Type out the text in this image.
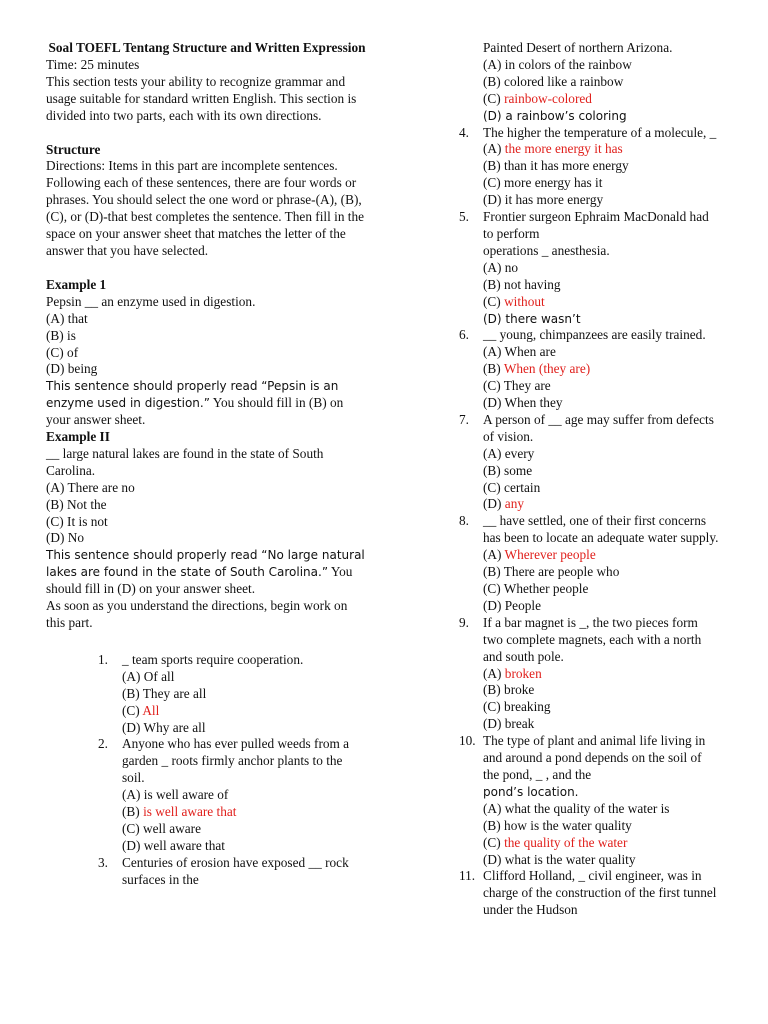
Soal TOEFL Tentang Structure and Written Expression
Time: 25 minutes
This section tests your ability to recognize grammar and usage suitable for standard written English. This section is divided into two parts, each with its own directions.
Structure
Directions: Items in this part are incomplete sentences. Following each of these sentences, there are four words or phrases. You should select the one word or phrase-(A), (B), (C), or (D)-that best completes the sentence. Then fill in the space on your answer sheet that matches the letter of the answer that you have selected.
Example 1
Pepsin __ an enzyme used in digestion.
(A) that
(B) is
(C) of
(D) being
This sentence should properly read “Pepsin is an enzyme used in digestion.” You should fill in (B) on your answer sheet.
Example II
__ large natural lakes are found in the state of South Carolina.
(A) There are no
(B) Not the
(C) It is not
(D) No
This sentence should properly read “No large natural lakes are found in the state of South Carolina.” You should fill in (D) on your answer sheet.
As soon as you understand the directions, begin work on this part.
1. _ team sports require cooperation.
(A) Of all
(B) They are all
(C) All
(D) Why are all
2. Anyone who has ever pulled weeds from a garden _ roots firmly anchor plants to the soil.
(A) is well aware of
(B) is well aware that
(C) well aware
(D) well aware that
3. Centuries of erosion have exposed __ rock surfaces in the
Painted Desert of northern Arizona.
(A) in colors of the rainbow
(B) colored like a rainbow
(C) rainbow-colored
(D) a rainbow’s coloring
4. The higher the temperature of a molecule, _
(A) the more energy it has
(B) than it has more energy
(C) more energy has it
(D) it has more energy
5. Frontier surgeon Ephraim MacDonald had to perform
operations _ anesthesia.
(A) no
(B) not having
(C) without
(D) there wasn’t
6. __ young, chimpanzees are easily trained.
(A) When are
(B) When (they are)
(C) They are
(D) When they
7. A person of __ age may suffer from defects of vision.
(A) every
(B) some
(C) certain
(D) any
8. __ have settled, one of their first concerns has been to locate an adequate water supply.
(A) Wherever people
(B) There are people who
(C) Whether people
(D) People
9. If a bar magnet is _, the two pieces form two complete magnets, each with a north and south pole.
(A) broken
(B) broke
(C) breaking
(D) break
10. The type of plant and animal life living in and around a pond depends on the soil of the pond, _ , and the
pond’s location.
(A) what the quality of the water is
(B) how is the water quality
(C) the quality of the water
(D) what is the water quality
11. Clifford Holland, _ civil engineer, was in charge of the construction of the first tunnel under the Hudson
